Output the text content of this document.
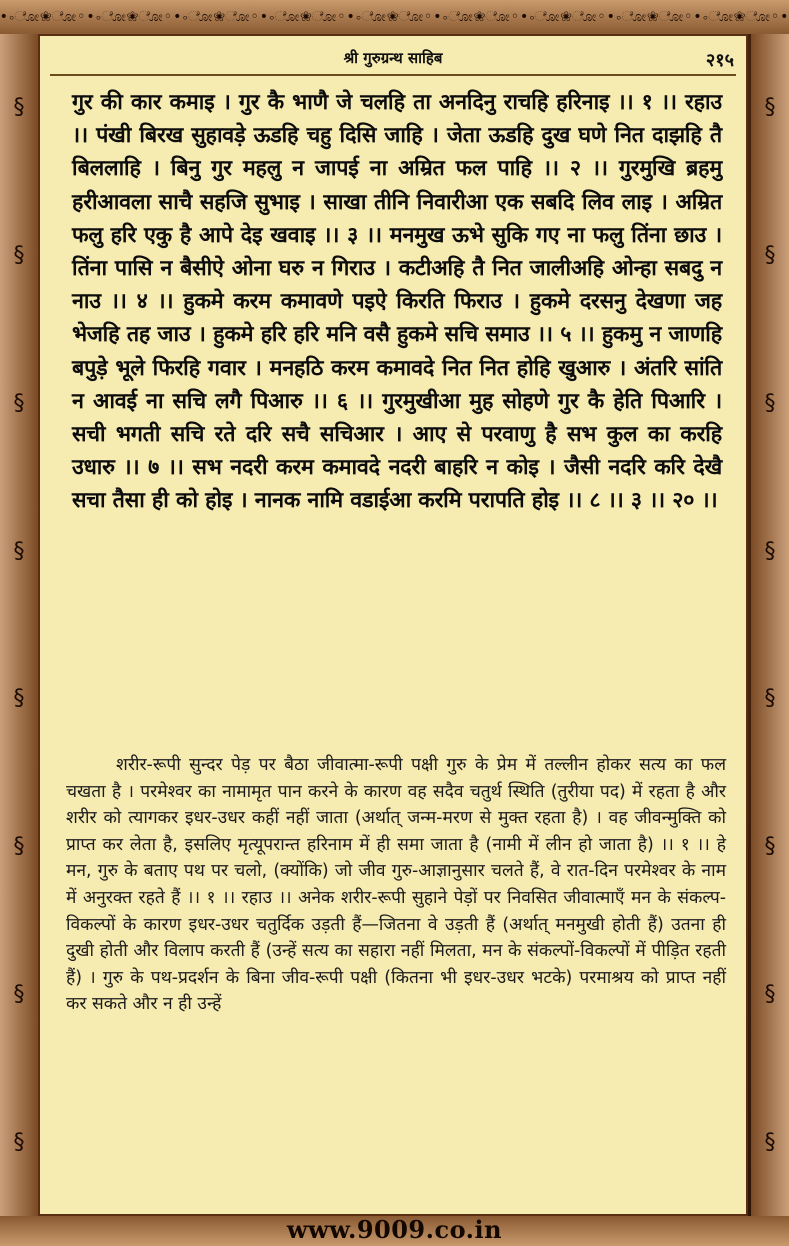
•◦ೋ❀ೋ◦•◦ೋ❀ೋ◦•◦ೋ❀ೋ◦•◦ೋ❀ೋ◦•◦ೋ❀ೋ◦•◦ೋ❀ೋ◦•◦ೋ❀ೋ◦•◦ೋ❀ೋ◦•◦ೋ❀ೋ◦•
§
§
§
§
§
§
§
§
§
§
§
§
§
§
§
§
श्री गुरुग्रन्थ साहिब	२१५
गुर की कार कमाइ । गुर कै भाणै जे चलहि ता अनदिनु राचहि हरिनाइ ।। १ ।। रहाउ ।। पंखी बिरख सुहावड़े ऊडहि चहु दिसि जाहि । जेता ऊडहि दुख घणे नित दाझहि तै बिललाहि । बिनु गुर महलु न जापई ना अम्रित फल पाहि ।। २ ।। गुरमुखि ब्रहमु हरीआवला साचै सहजि सुभाइ । साखा तीनि निवारीआ एक सबदि लिव लाइ । अम्रित फलु हरि एकु है आपे देइ खवाइ ।। ३ ।। मनमुख ऊभे सुकि गए ना फलु तिंना छाउ । तिंना पासि न बैसीऐ ओना घरु न गिराउ । कटीअहि तै नित जालीअहि ओन्हा सबदु न नाउ ।। ४ ।। हुकमे करम कमावणे पइऐ किरति फिराउ । हुकमे दरसनु देखणा जह भेजहि तह जाउ । हुकमे हरि हरि मनि वसै हुकमे सचि समाउ ।। ५ ।। हुकमु न जाणहि बपुड़े भूले फिरहि गवार । मनहठि करम कमावदे नित नित होहि खुआरु । अंतरि सांति न आवई ना सचि लगै पिआरु ।। ६ ।। गुरमुखीआ मुह सोहणे गुर कै हेति पिआरि । सची भगती सचि रते दरि सचै सचिआर । आए से परवाणु है सभ कुल का करहि उधारु ।। ७ ।। सभ नदरी करम कमावदे नदरी बाहरि न कोइ । जैसी नदरि करि देखै सचा तैसा ही को होइ । नानक नामि वडाईआ करमि परापति होइ ।। ८ ।। ३ ।। २० ।।
शरीर-रूपी सुन्दर पेड़ पर बैठा जीवात्मा-रूपी पक्षी गुरु के प्रेम में तल्लीन होकर सत्य का फल चखता है । परमेश्वर का नामामृत पान करने के कारण वह सदैव चतुर्थ स्थिति (तुरीया पद) में रहता है और शरीर को त्यागकर इधर-उधर कहीं नहीं जाता (अर्थात् जन्म-मरण से मुक्त रहता है) । वह जीवन्मुक्ति को प्राप्त कर लेता है, इसलिए मृत्यूपरान्त हरिनाम में ही समा जाता है (नामी में लीन हो जाता है) ।। १ ।। हे मन, गुरु के बताए पथ पर चलो, (क्योंकि) जो जीव गुरु-आज्ञानुसार चलते हैं, वे रात-दिन परमेश्वर के नाम में अनुरक्त रहते हैं ।। १ ।। रहाउ ।। अनेक शरीर-रूपी सुहाने पेड़ों पर निवसित जीवात्माएँ मन के संकल्प-विकल्पों के कारण इधर-उधर चतुर्दिक उड़ती हैं—जितना वे उड़ती हैं (अर्थात् मनमुखी होती हैं) उतना ही दुखी होती और विलाप करती हैं (उन्हें सत्य का सहारा नहीं मिलता, मन के संकल्पों-विकल्पों में पीड़ित रहती हैं) । गुरु के पथ-प्रदर्शन के बिना जीव-रूपी पक्षी (कितना भी इधर-उधर भटके) परमाश्रय को प्राप्त नहीं कर सकते और न ही उन्हें
www.9009.co.in
